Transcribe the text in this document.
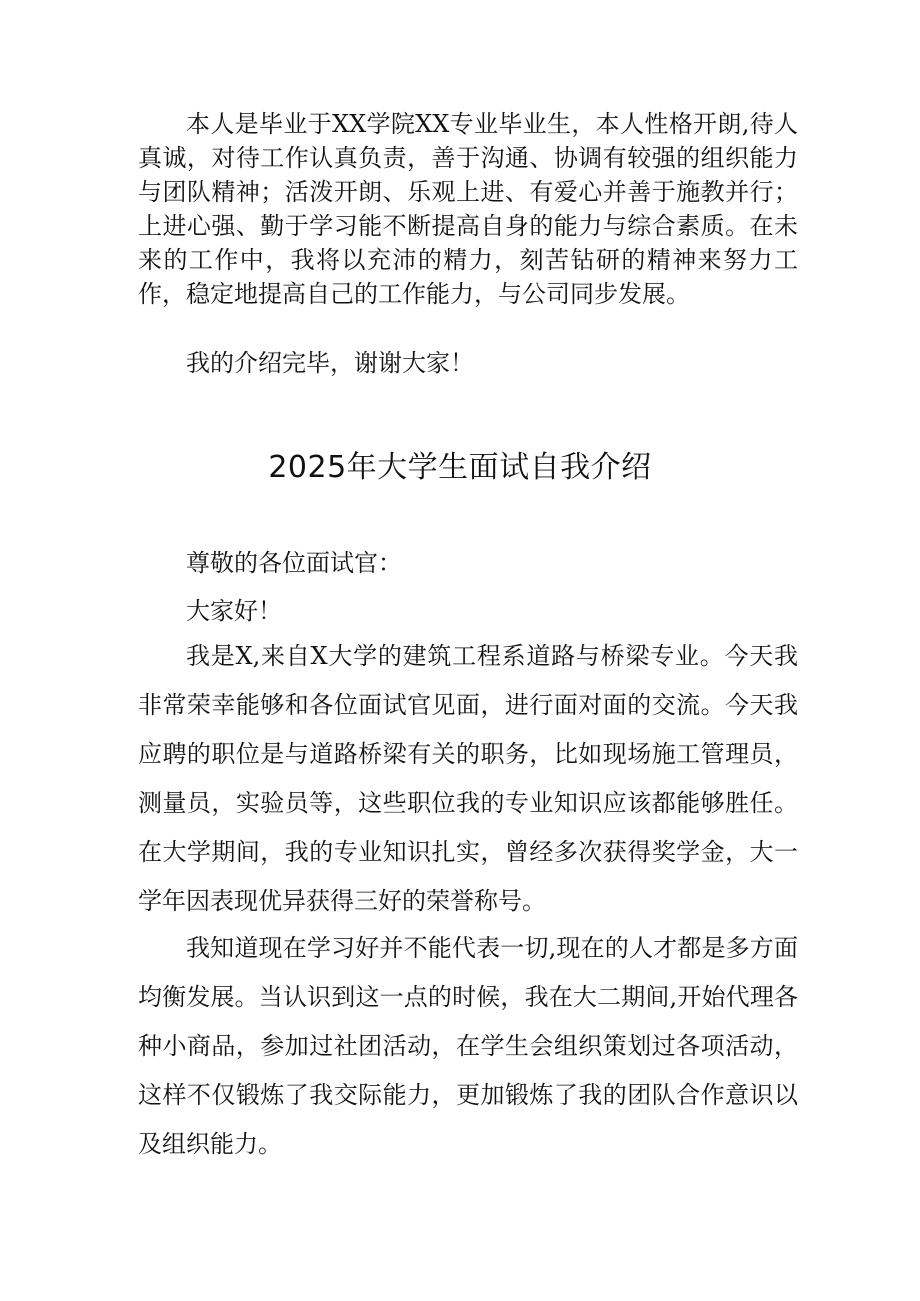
本人是毕业于XX学院XX专业毕业生，本人性格开朗,待人真诚，对待工作认真负责，善于沟通、协调有较强的组织能力与团队精神；活泼开朗、乐观上进、有爱心并善于施教并行；上进心强、勤于学习能不断提高自身的能力与综合素质。在未来的工作中，我将以充沛的精力，刻苦钻研的精神来努力工作，稳定地提高自己的工作能力，与公司同步发展。

我的介绍完毕，谢谢大家！

2025年大学生面试自我介绍

尊敬的各位面试官：

大家好！

我是X,来自X大学的建筑工程系道路与桥梁专业。今天我非常荣幸能够和各位面试官见面，进行面对面的交流。今天我应聘的职位是与道路桥梁有关的职务，比如现场施工管理员，测量员，实验员等，这些职位我的专业知识应该都能够胜任。在大学期间，我的专业知识扎实，曾经多次获得奖学金，大一学年因表现优异获得三好的荣誉称号。

我知道现在学习好并不能代表一切,现在的人才都是多方面均衡发展。当认识到这一点的时候，我在大二期间,开始代理各种小商品，参加过社团活动，在学生会组织策划过各项活动，这样不仅锻炼了我交际能力，更加锻炼了我的团队合作意识以及组织能力。
